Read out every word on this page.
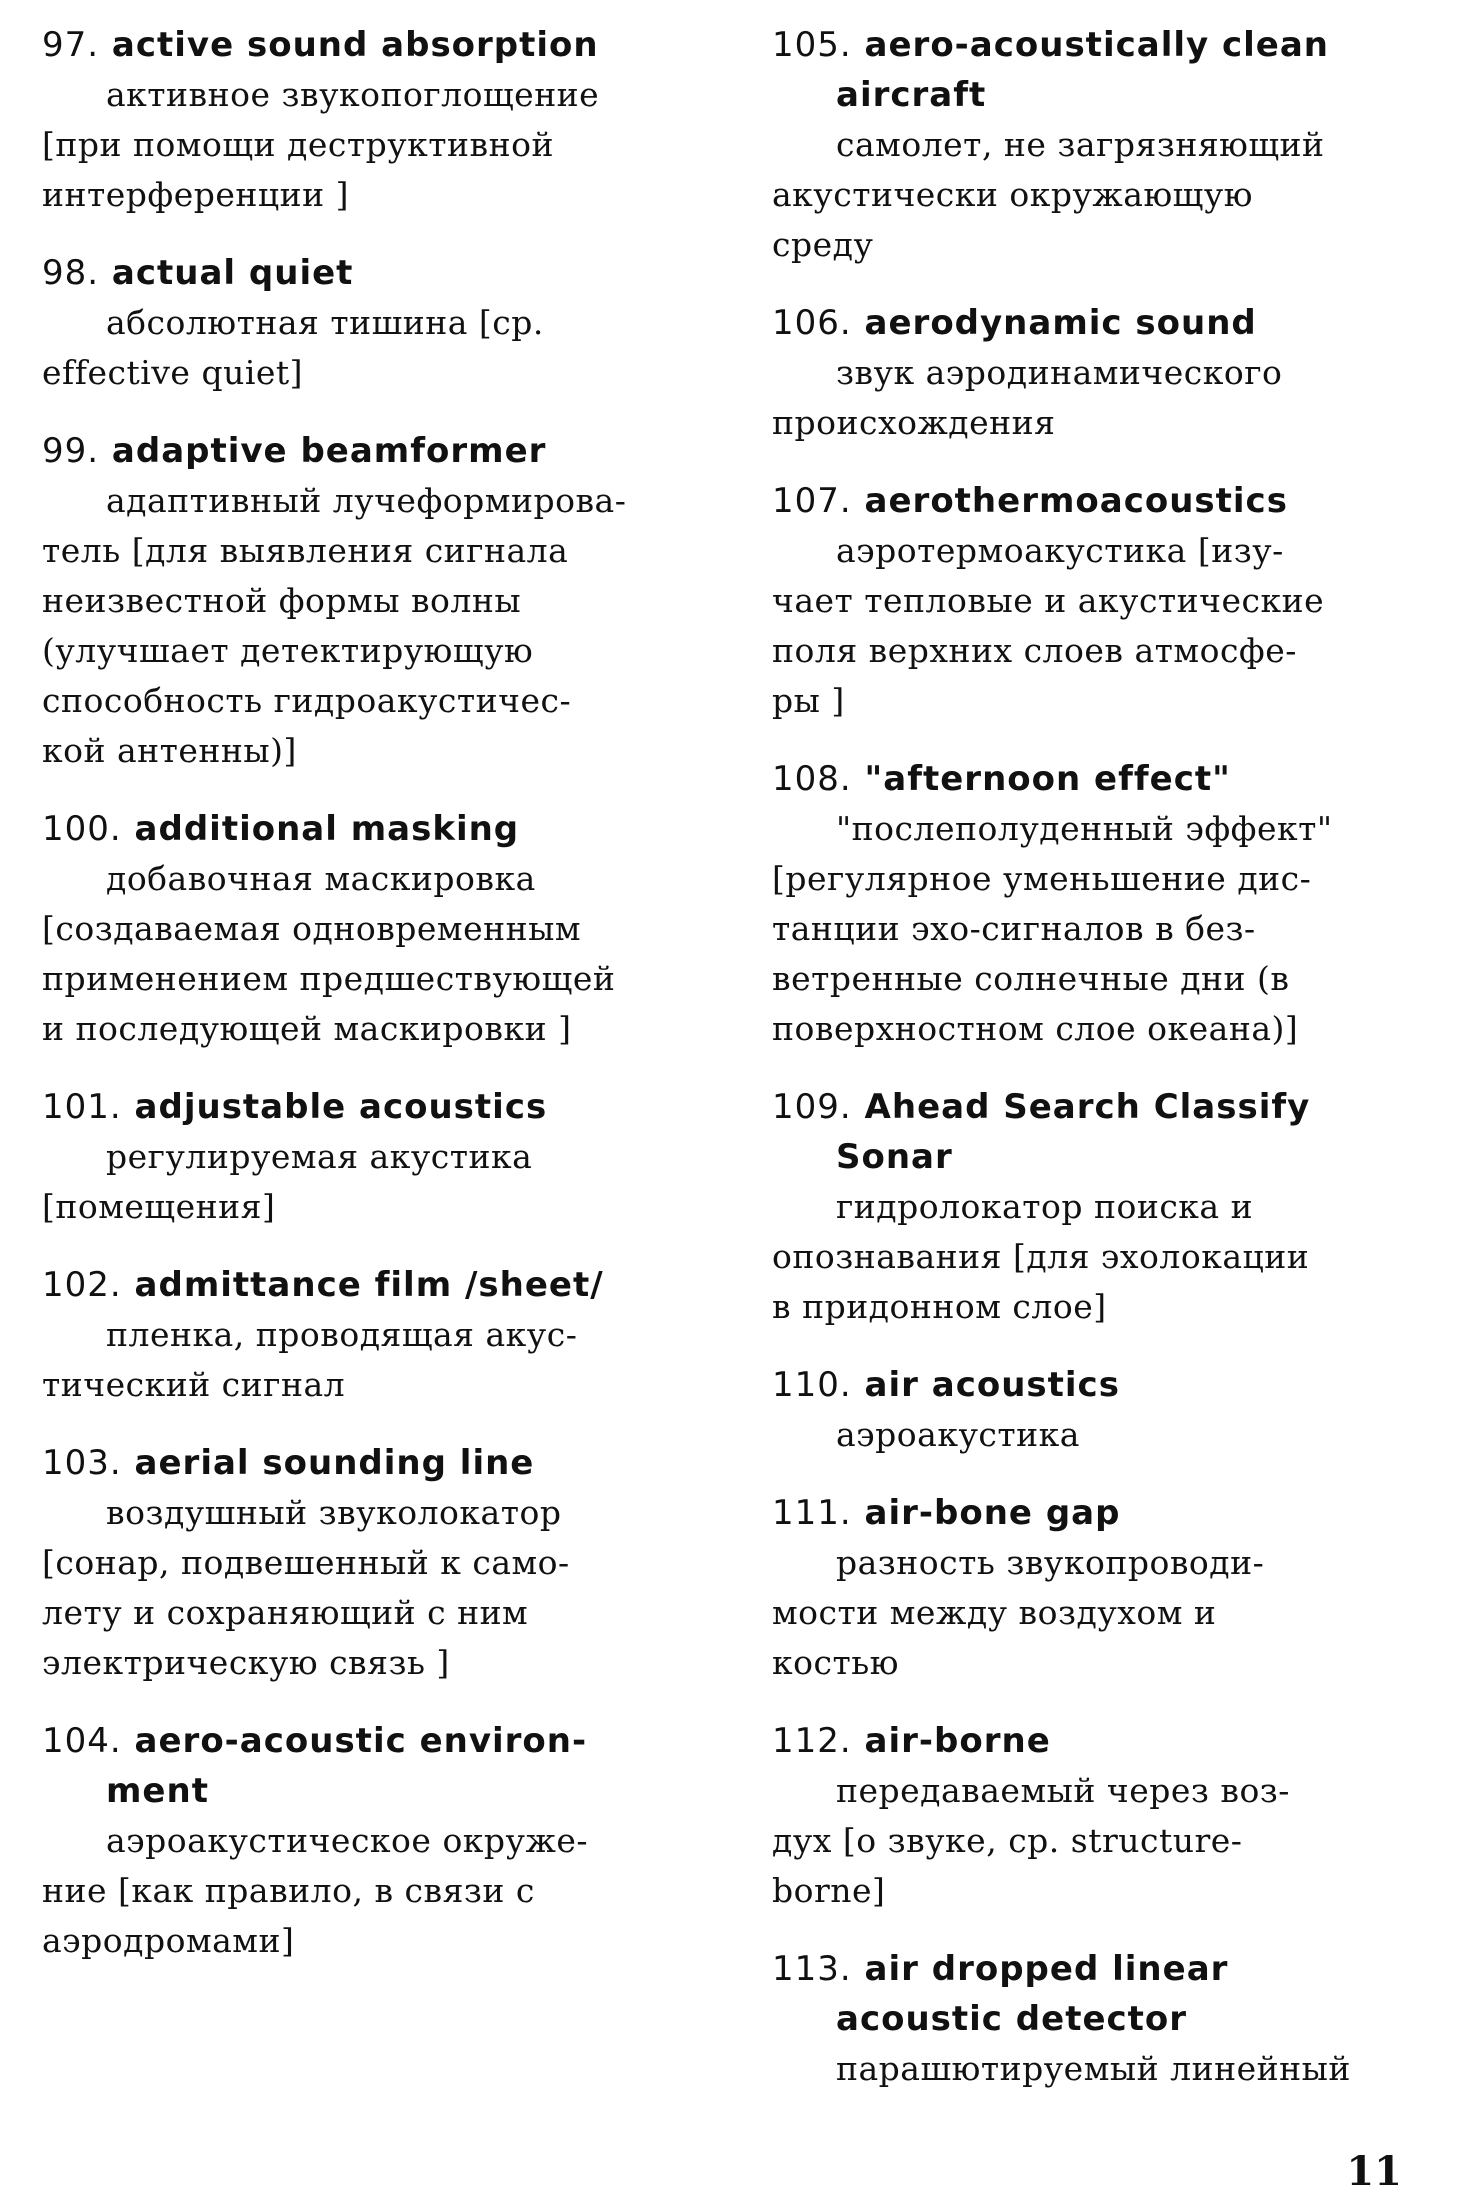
97. active sound absorption

активное звукопоглощение

[при помощи деструктивной

интерференции ]

98. actual quiet

абсолютная тишина [ср.

effective quiet]

99. adaptive beamformer

адаптивный лучеформирова-

тель [для выявления сигнала

неизвестной формы волны

(улучшает детектирующую

способность гидроакустичес-

кой антенны)]

100. additional masking

добавочная маскировка

[создаваемая одновременным

применением предшествующей

и последующей маскировки ]

101. adjustable acoustics

регулируемая акустика

[помещения]

102. admittance film /sheet/

пленка, проводящая акус-

тический сигнал

103. aerial sounding line

воздушный звуколокатор

[сонар, подвешенный к само-

лету и сохраняющий с ним

электрическую связь ]

104. aero-acoustic environ-

ment

аэроакустическое окруже-

ние [как правило, в связи с

аэродромами]

105. aero-acoustically clean

aircraft

самолет, не загрязняющий

акустически окружающую

среду

106. aerodynamic sound

звук аэродинамического

происхождения

107. aerothermoacoustics

аэротермоакустика [изу-

чает тепловые и акустические

поля верхних слоев атмосфе-

ры ]

108. "afternoon effect"

"послеполуденный эффект"

[регулярное уменьшение дис-

танции эхо-сигналов в без-

ветренные солнечные дни (в

поверхностном слое океана)]

109. Ahead Search Classify

Sonar

гидролокатор поиска и

опознавания [для эхолокации

в придонном слое]

110. air acoustics

аэроакустика

111. air-bone gap

разность звукопроводи-

мости между воздухом и

костью

112. air-borne

передаваемый через воз-

дух [о звуке, ср. structure-

borne]

113. air dropped linear

acoustic detector

парашютируемый линейный

11
